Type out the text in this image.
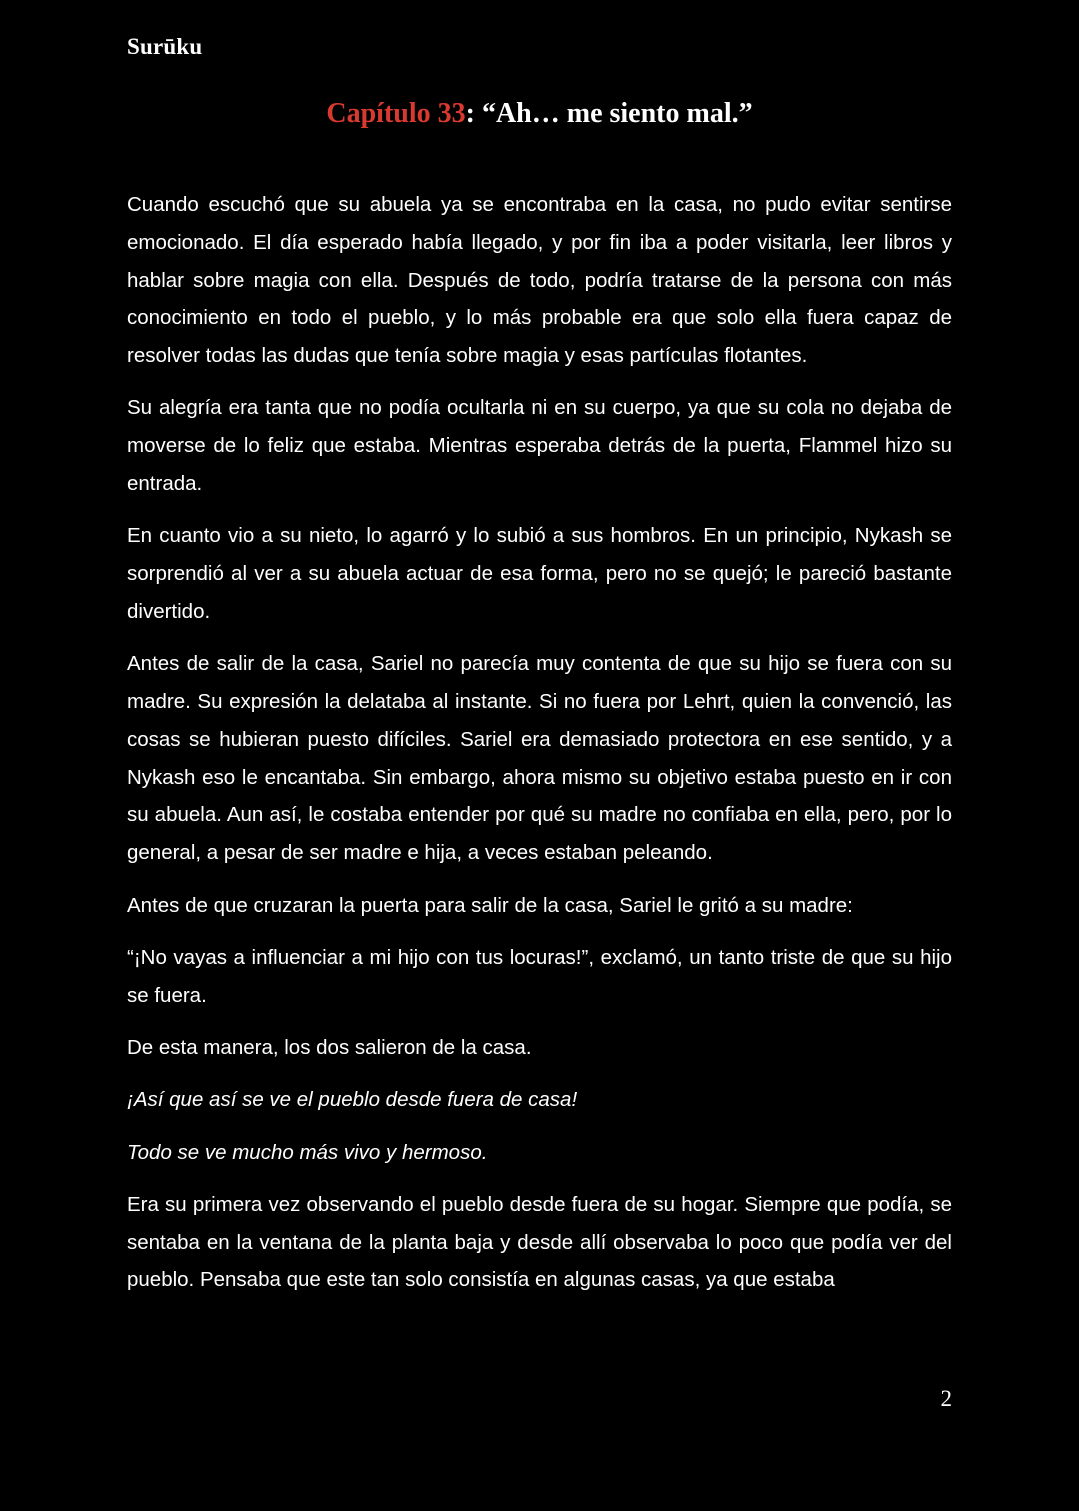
Surūku
Capítulo 33: “Ah… me siento mal.”

Cuando escuchó que su abuela ya se encontraba en la casa, no pudo evitar sentirse emocionado. El día esperado había llegado, y por fin iba a poder visitarla, leer libros y hablar sobre magia con ella. Después de todo, podría tratarse de la persona con más conocimiento en todo el pueblo, y lo más probable era que solo ella fuera capaz de resolver todas las dudas que tenía sobre magia y esas partículas flotantes.

Su alegría era tanta que no podía ocultarla ni en su cuerpo, ya que su cola no dejaba de moverse de lo feliz que estaba. Mientras esperaba detrás de la puerta, Flammel hizo su entrada.

En cuanto vio a su nieto, lo agarró y lo subió a sus hombros. En un principio, Nykash se sorprendió al ver a su abuela actuar de esa forma, pero no se quejó; le pareció bastante divertido.

Antes de salir de la casa, Sariel no parecía muy contenta de que su hijo se fuera con su madre. Su expresión la delataba al instante. Si no fuera por Lehrt, quien la convenció, las cosas se hubieran puesto difíciles. Sariel era demasiado protectora en ese sentido, y a Nykash eso le encantaba. Sin embargo, ahora mismo su objetivo estaba puesto en ir con su abuela. Aun así, le costaba entender por qué su madre no confiaba en ella, pero, por lo general, a pesar de ser madre e hija, a veces estaban peleando.

Antes de que cruzaran la puerta para salir de la casa, Sariel le gritó a su madre:

“¡No vayas a influenciar a mi hijo con tus locuras!”, exclamó, un tanto triste de que su hijo se fuera.

De esta manera, los dos salieron de la casa.

¡Así que así se ve el pueblo desde fuera de casa!

Todo se ve mucho más vivo y hermoso.

Era su primera vez observando el pueblo desde fuera de su hogar. Siempre que podía, se sentaba en la ventana de la planta baja y desde allí observaba lo poco que podía ver del pueblo. Pensaba que este tan solo consistía en algunas casas, ya que estaba

2
